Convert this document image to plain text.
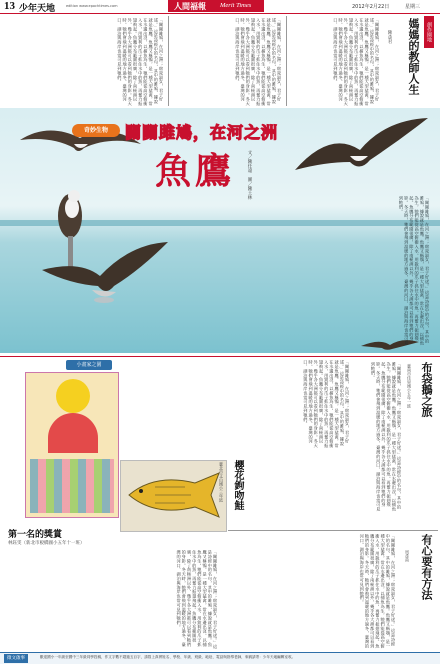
13 少年天地	edition www.epochtimes.com	人間福報 Merit Times	2012年2月22日	星期三
「關關雎鳩，在河之洲；窈窕淑女，君子好逑。」這是詩經中的名句，其中的雎鳩，據說就是魚鷹。魚鷹又稱鶚，是一種大型猛禽，常在水邊出沒，以捕魚為生，牠們能從高空俯衝入水，用銳利的爪子抓住水中的魚，再奮力振翅飛起。魚鷹分布範圍很廣，除了南極洲以外，幾乎各大洲都可以看到牠們的身影。冬天時，牠們會飛到溫暖的地方過冬，臺灣的河口、湖泊與海岸也常可見到牠們。	「關關雎鳩，在河之洲；窈窕淑女，君子好逑。」這是詩經中的名句，其中的雎鳩，據說就是魚鷹。魚鷹又稱鶚，是一種大型猛禽，常在水邊出沒，以捕魚為生，牠們能從高空俯衝入水，用銳利的爪子抓住水中的魚，再奮力振翅飛起。魚鷹分布範圍很廣，除了南極洲以外，幾乎各大洲都可以看到牠們的身影。冬天時，牠們會飛到溫暖的地方過冬，臺灣的河口、湖泊與海岸也常可見到牠們。	「關關雎鳩，在河之洲；窈窕淑女，君子好逑。」這是詩經中的名句，其中的雎鳩，據說就是魚鷹。魚鷹又稱鶚，是一種大型猛禽，常在水邊出沒，以捕魚為生，牠們能從高空俯衝入水，用銳利的爪子抓住水中的魚，再奮力振翅飛起。魚鷹分布範圍很廣，除了南極洲以外，幾乎各大洲都可以看到牠們的身影。冬天時，牠們會飛到溫暖的地方過冬，臺灣的河口、湖泊與海岸也常可見到牠們。	創作園地
媽媽的教師人生
陳彥君
奇妙生物	關關雎鳩，在河之洲
魚鷹	文／陳任遠　圖／陳王林
「關關雎鳩，在河之洲；窈窕淑女，君子好逑。」這是詩經中的名句，其中的雎鳩，據說就是魚鷹。魚鷹又稱鶚，是一種大型猛禽，常在水邊出沒，以捕魚為生，牠們能從高空俯衝入水，用銳利的爪子抓住水中的魚，再奮力振翅飛起。魚鷹分布範圍很廣，除了南極洲以外，幾乎各大洲都可以看到牠們的身影。冬天時，牠們會飛到溫暖的地方過冬，臺灣的河口、湖泊與海岸也常可見到牠們。
小畫家之園
第一名的獎賞
林鈺雯（新北市板橋國小五年十一班）
「關關雎鳩，在河之洲；窈窕淑女，君子好逑。」這是詩經中的名句，其中的雎鳩，據說就是魚鷹。魚鷹又稱鶚，是一種大型猛禽，常在水邊出沒，以捕魚為生，牠們能從高空俯衝入水，用銳利的爪子抓住水中的魚，再奮力振翅飛起。魚鷹分布範圍很廣，除了南極洲以外，幾乎各大洲都可以看到牠們的身影。冬天時，牠們會飛到溫暖的地方過冬，臺灣的河口、湖泊與海岸也常可見到牠們。
櫻花鉤吻鮭
臺北市文山國小三年級
布袋鵝之旅
臺南市佳里國小五年一班
「關關雎鳩，在河之洲；窈窕淑女，君子好逑。」這是詩經中的名句，其中的雎鳩，據說就是魚鷹。魚鷹又稱鶚，是一種大型猛禽，常在水邊出沒，以捕魚為生，牠們能從高空俯衝入水，用銳利的爪子抓住水中的魚，再奮力振翅飛起。魚鷹分布範圍很廣，除了南極洲以外，幾乎各大洲都可以看到牠們的身影。冬天時，牠們會飛到溫暖的地方過冬，臺灣的河口、湖泊與海岸也常可見到牠們。
「關關雎鳩，在河之洲；窈窕淑女，君子好逑。」這是詩經中的名句，其中的雎鳩，據說就是魚鷹。魚鷹又稱鶚，是一種大型猛禽，常在水邊出沒，以捕魚為生，牠們能從高空俯衝入水，用銳利的爪子抓住水中的魚，再奮力振翅飛起。魚鷹分布範圍很廣，除了南極洲以外，幾乎各大洲都可以看到牠們的身影。冬天時，牠們會飛到溫暖的地方過冬，臺灣的河口、湖泊與海岸也常可見到牠們。	「關關雎鳩，在河之洲；窈窕淑女，君子好逑。」這是詩經中的名句，其中的雎鳩，據說就是魚鷹。魚鷹又稱鶚，是一種大型猛禽，常在水邊出沒，以捕魚為生，牠們能從高空俯衝入水，用銳利的爪子抓住水中的魚，再奮力振翅飛起。魚鷹分布範圍很廣，除了南極洲以外，幾乎各大洲都可以看到牠們的身影。冬天時，牠們會飛到溫暖的地方過冬，臺灣的河口、湖泊與海岸也常可見到牠們。	有心要有方法
周彥甫
徵文啟事	歡迎國小一年級至國中三年級同學投稿，作文字數不超過五百字，請寫上真實姓名、學校、年級、班級、地址、電話與指導老師，來稿請寄：少年天地編輯室收。
